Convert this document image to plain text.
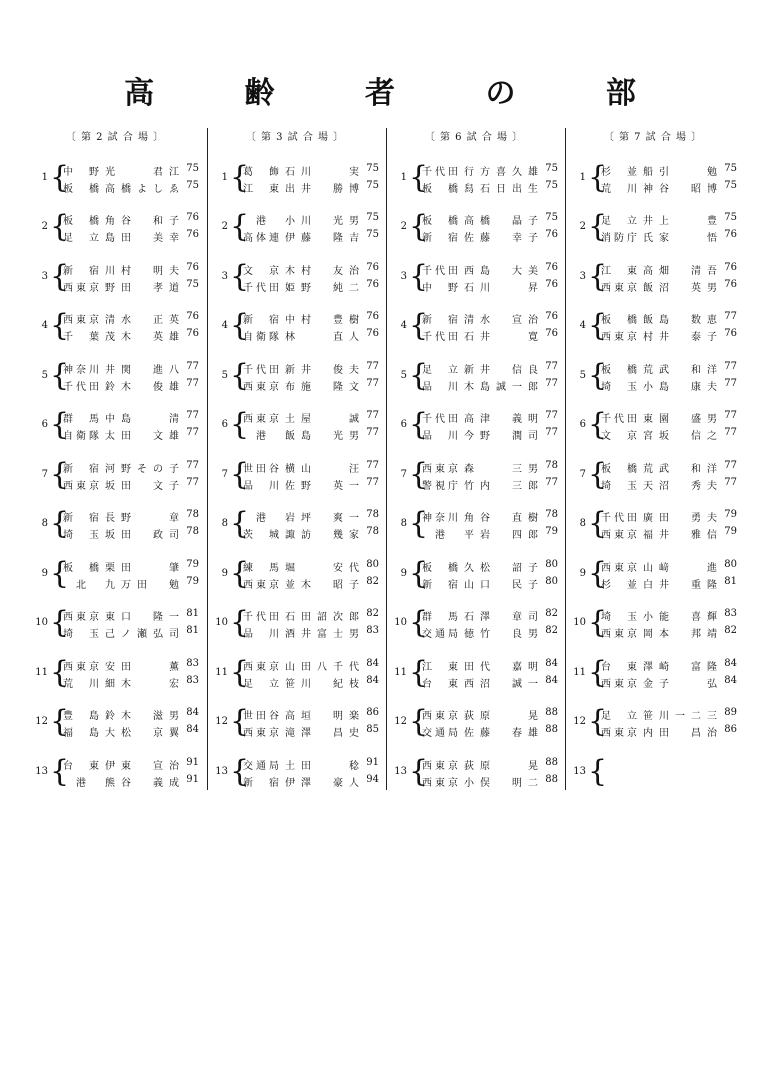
高 齢 者 の 部
〔 第 2 試 合 場 〕
1 {
中　野 光　　君江 75
板　橋 高橋よしゑ 75
2 {
板　橋 角谷　和子 76
足　立 島田　美幸 76
3 {
新　宿 川村　明夫 76
西東京 野田　孝道 75
4 {
西東京 清水　正英 76
千　葉 茂木　英雄 76
5 {
神奈川 井関　進八 77
千代田 鈴木　俊雄 77
6 {
群　馬 中島　　清 77
自衛隊 太田　文雄 77
7 {
新　宿 河野その子 77
西東京 坂田　文子 77
8 {
新　宿 長野　　章 78
埼　玉 坂田　政司 78
9 {
板　橋 栗田　　肇 79
北	九万田　勉 79
10 {
西東京 東口　隆一 81
埼　玉 己ノ瀬弘司 81
11 {
西東京 安田　　薫 83
荒　川 細木　　宏 83
12 {
豊　島 鈴木　滋男 84
福　島 大松　京翼 84
13 {
台　東 伊東　宣治 91
港	熊谷　義成 91
〔 第 3 試 合 場 〕
1 {
葛　飾 石川　　実 75
江　東 出井　勝博 75
2 { 港	小川　光男 75
高体連 伊藤　隆吉 75
3 {
文　京 木村　友治 76
千代田 姫野　純二 76
4 {
新　宿 中村　豊樹 76
自衛隊 林　　直人 76
5 {
千代田 新井　俊夫 77
西東京 布施　隆文 77
6 {
西東京 土屋　　誠 77
港	飯島　光男 77
7 {
世田谷 横山　　汪 77
品　川 佐野　英一 77
8 { 港	岩坪　爽一 78
茨　城 諏訪　幾家 78
9 {
練　馬 堀　　安代 80
西東京 並木　昭子 82
10 {
千代田 石田詔次郎 82
品　川 酒井富士男 83
11 {
西東京 山田八千代 84
足　立 笹川　紀枝 84
12 {
世田谷 高垣　明楽 86
西東京 滝澤　昌史 85
13 {
交通局 土田　　稔 91
新　宿 伊澤　豪人 94
〔 第 6 試 合 場 〕
1 {
千代田 行方喜久雄 75
板　橋 舄石日出生 75
2 {
板　橋 高橋　晶子 75
新　宿 佐藤　幸子 76
3 {
千代田 西島　大美 76
中　野 石川　　昇 76
4 {
新　宿 清水　宣治 76
千代田 石井　　寛 76
5 {
足　立 新井　信良 77
品　川 木島誠一郎 77
6 {
千代田 高津　義明 77
品　川 今野　潤司 77
7 {
西東京 森　　三男 78
警視庁 竹内　三郎 77
8 {
神奈川 角谷　直樹 78
港	平岩　四郎 79
9 {
板　橋 久松　詔子 80
新　宿 山口　民子 80
10 {
群　馬 石澤　章司 82
交通局 徳竹　良男 82
11 {
江　東 田代　嘉明 84
台　東 西沼　誠一 84
12 {
西東京 荻原　　晃 88
交通局 佐藤　春雄 88
13 {
西東京 荻原　　晃 88
西東京 小俣　明二 88
〔 第 7 試 合 場 〕
1 {
杉　並 船引　　勉 75
荒　川 神谷　昭博 75
2 {
足　立 井上　　豊 75
消防庁 氏家　　悟 76
3 {
江　東 高畑　清吾 76
西東京 飯沼　英男 76
4 {
板　橋 飯島　数恵 77
西東京 村井　泰子 76
5 {
板　橋 荒武　和洋 77
埼　玉 小島　康夫 77
6 {
千代田 東園　盛男 77
文　京 宮坂　信之 77
7 {
板　橋 荒武　和洋 77
埼　玉 天沼　秀夫 77
8 {
千代田 廣田　勇夫 79
西東京 福井　雅信 79
9 {
西東京 山﨑　　進 80
杉　並 白井　重隆 81
10 {
埼　玉 小能　喜輝 83
西東京 岡本　邦靖 82
11 {
台　東 澤崎　富隆 84
西東京 金子　　弘 84
12 {
足　立 笹川一二三 89
西東京 内田　昌治 86
13 {
